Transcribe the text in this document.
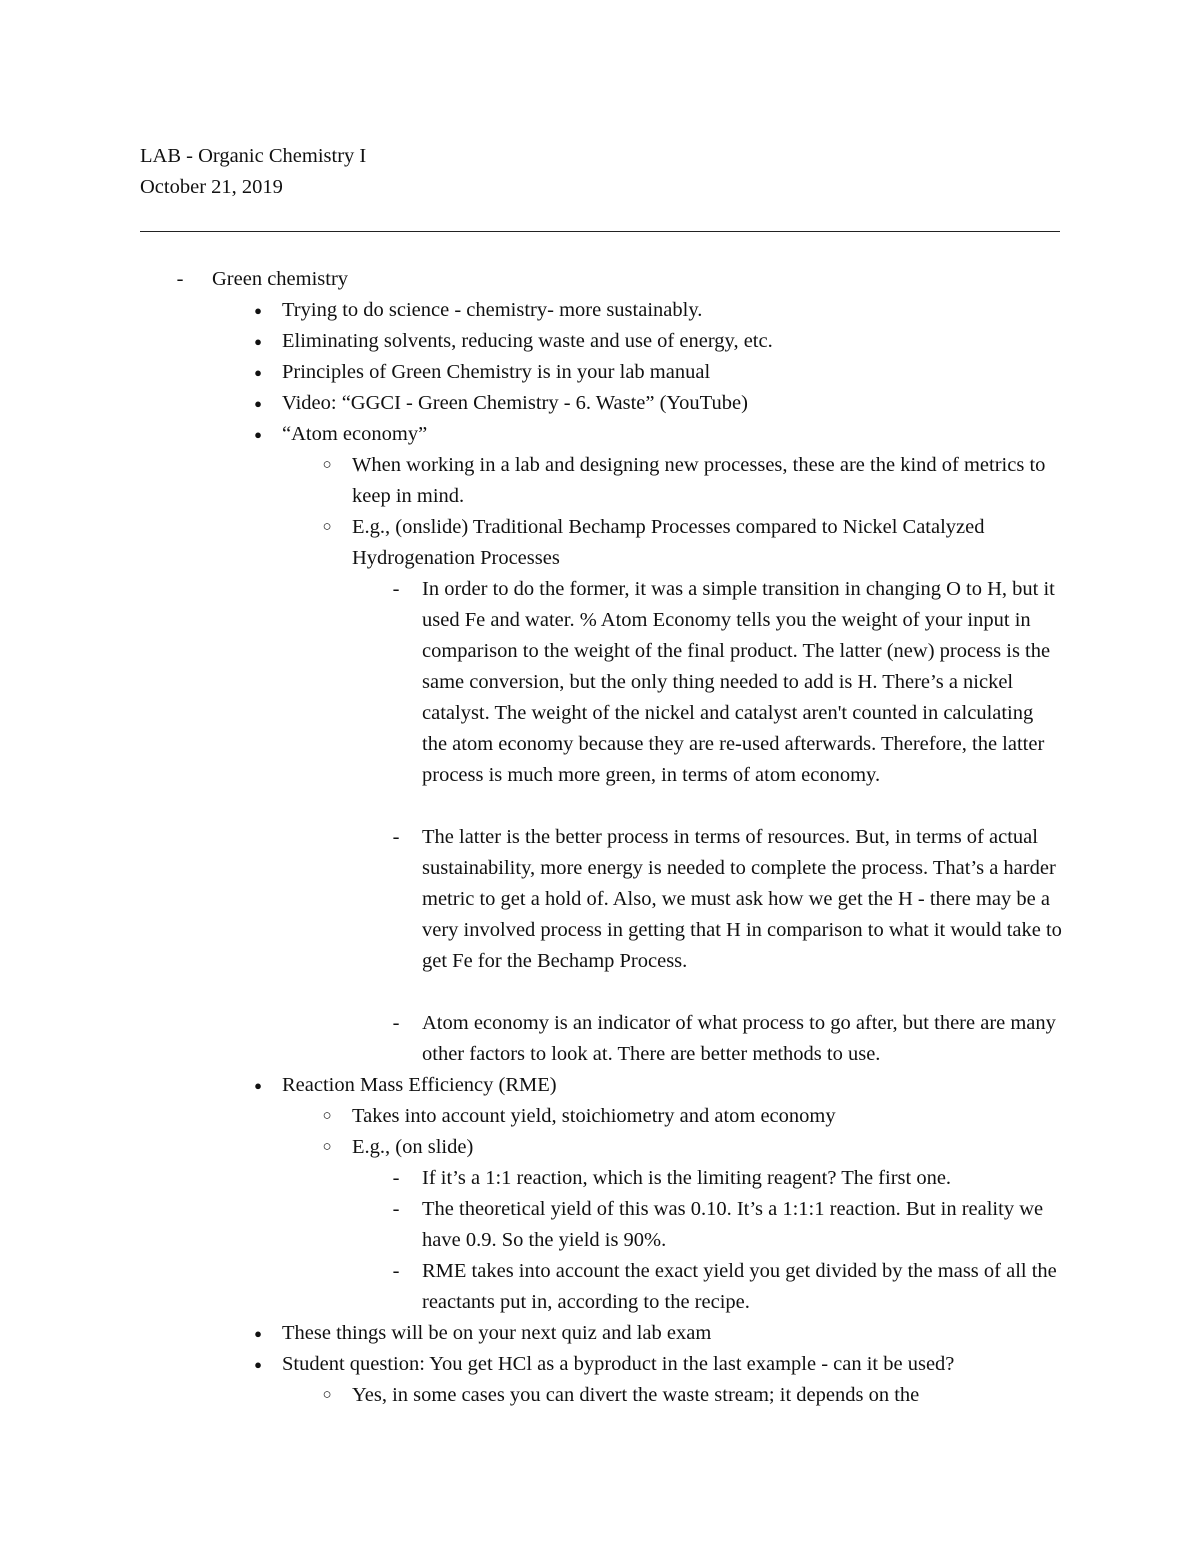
LAB - Organic Chemistry I
October 21, 2019
-	Green chemistry
● Trying to do science - chemistry- more sustainably.
● Eliminating solvents, reducing waste and use of energy, etc.
● Principles of Green Chemistry is in your lab manual
● Video: “GGCI - Green Chemistry - 6. Waste” (YouTube)
● “Atom economy”
○ When working in a lab and designing new processes, these are the kind of metrics to keep in mind.
○ E.g., (onslide) Traditional Bechamp Processes compared to Nickel Catalyzed Hydrogenation Processes
-	In order to do the former, it was a simple transition in changing O to H, but it used Fe and water. % Atom Economy tells you the weight of your input in comparison to the weight of the final product. The latter (new) process is the same conversion, but the only thing needed to add is H. There’s a nickel catalyst. The weight of the nickel and catalyst aren't counted in calculating the atom economy because they are re-used afterwards. Therefore, the latter process is much more green, in terms of atom economy.
-	The latter is the better process in terms of resources. But, in terms of actual sustainability, more energy is needed to complete the process. That’s a harder metric to get a hold of. Also, we must ask how we get the H - there may be a very involved process in getting that H in comparison to what it would take to get Fe for the Bechamp Process.
-	Atom economy is an indicator of what process to go after, but there are many other factors to look at. There are better methods to use.
● Reaction Mass Efficiency (RME)
○ Takes into account yield, stoichiometry and atom economy
○ E.g., (on slide)
-	If it’s a 1:1 reaction, which is the limiting reagent? The first one.
-	The theoretical yield of this was 0.10. It’s a 1:1:1 reaction. But in reality we have 0.9. So the yield is 90%.
-	RME takes into account the exact yield you get divided by the mass of all the reactants put in, according to the recipe.
● These things will be on your next quiz and lab exam
● Student question: You get HCl as a byproduct in the last example - can it be used?
○ Yes, in some cases you can divert the waste stream; it depends on the
